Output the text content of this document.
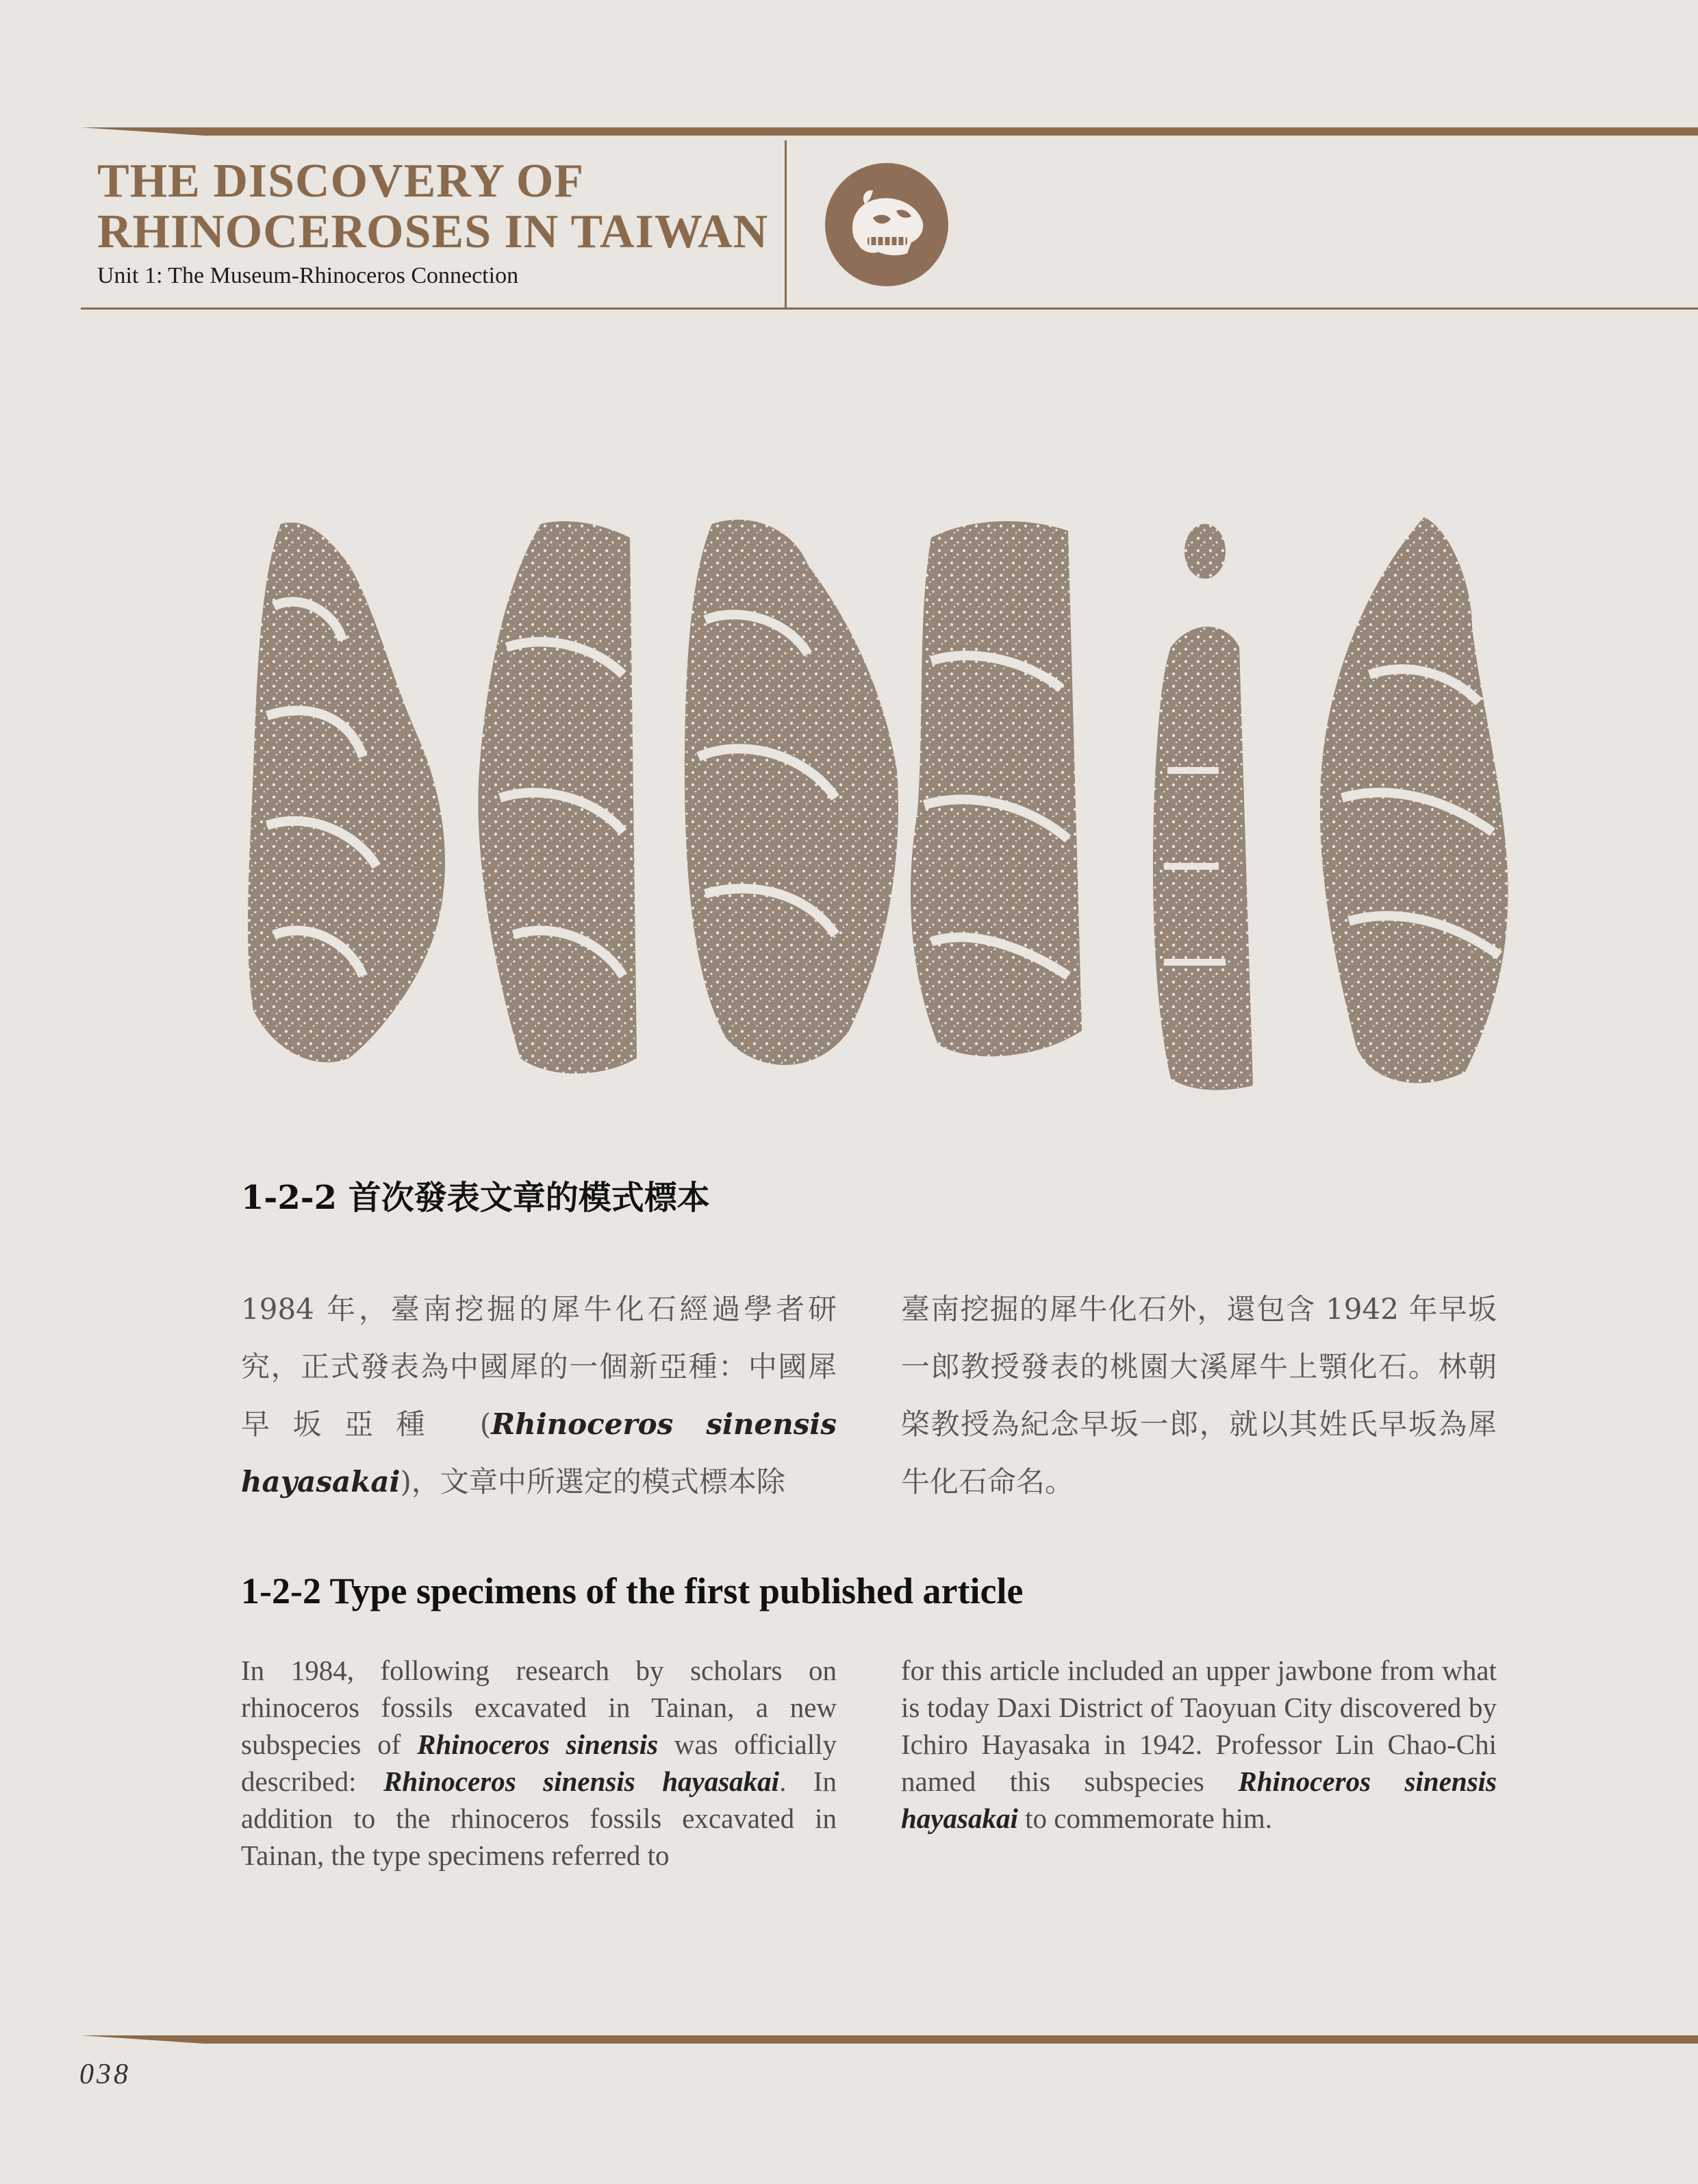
THE DISCOVERY OF
RHINOCEROSES IN TAIWAN
Unit 1: The Museum-Rhinoceros Connection
1-2-2 首次發表文章的模式標本

1984 年，臺南挖掘的犀牛化石經過學者研究，正式發表為中國犀的一個新亞種：中國犀早坂亞種 (Rhinoceros sinensis hayasakai)，文章中所選定的模式標本除

臺南挖掘的犀牛化石外，還包含 1942 年早坂一郎教授發表的桃園大溪犀牛上顎化石。林朝棨教授為紀念早坂一郎，就以其姓氏早坂為犀牛化石命名。

1-2-2 Type specimens of the first published article

In 1984, following research by scholars on rhinoceros fossils excavated in Tainan, a new subspecies of Rhinoceros sinensis was officially described: Rhinoceros sinensis hayasakai. In addition to the rhinoceros fossils excavated in Tainan, the type specimens referred to

for this article included an upper jawbone from what is today Daxi District of Taoyuan City discovered by Ichiro Hayasaka in 1942. Professor Lin Chao-Chi named this subspecies Rhinoceros sinensis hayasakai to commemorate him.

038
